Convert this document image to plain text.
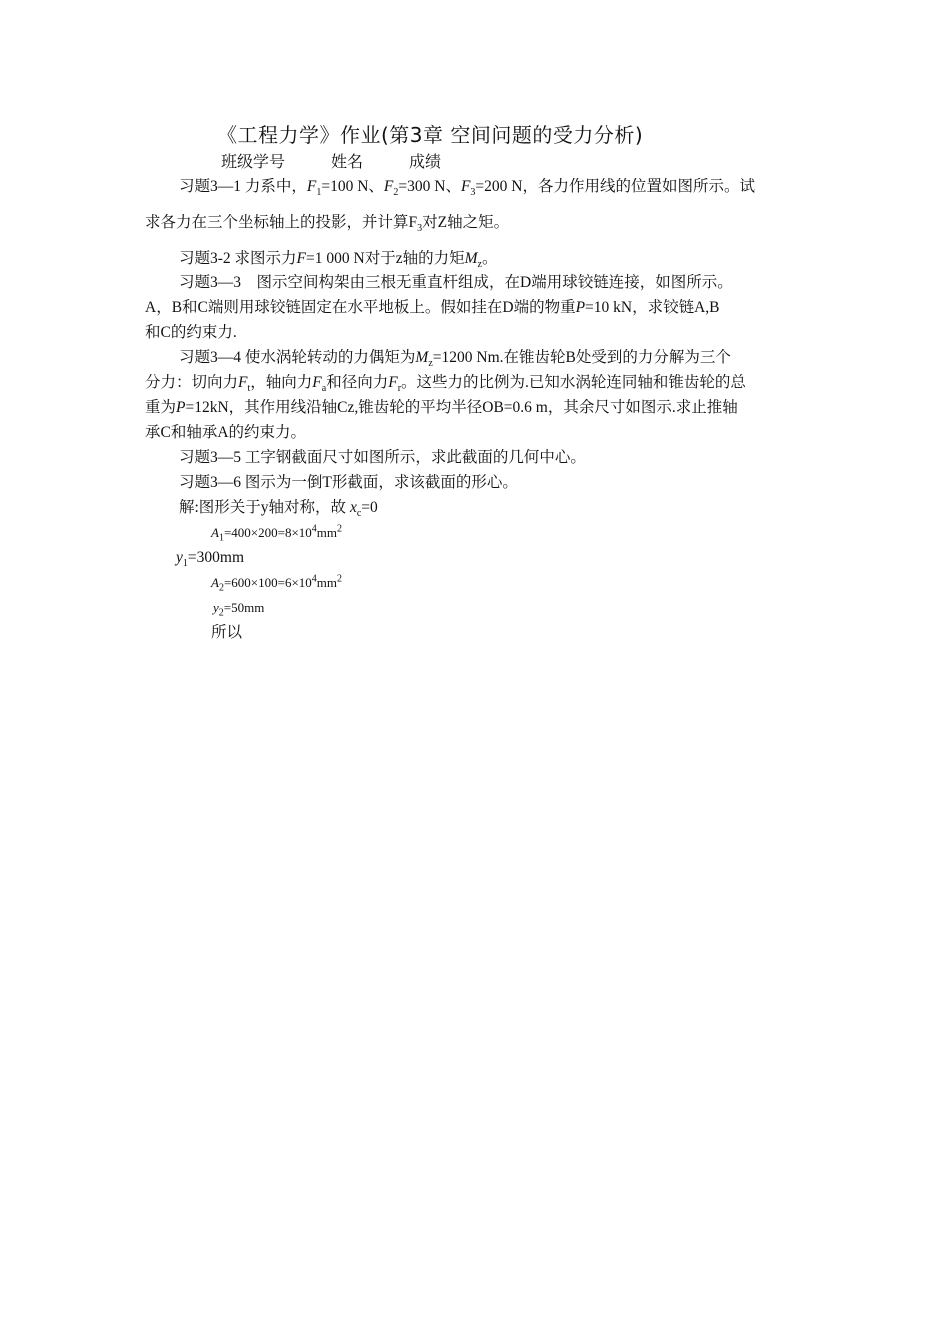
《工程力学》作业(第3章 空间问题的受力分析)
班级学号	姓名	成绩
习题3—1 力系中，$F_1=100$ N、$F_2=300$ N、$F_3=200$ N，各力作用线的位置如图所示。试
求各力在三个坐标轴上的投影，并计算$F_3$对Z轴之矩。
习题3-2 求图示力F=1 000 N对于z轴的力矩$M_z$。
习题3—3　图示空间构架由三根无重直杆组成，在D端用球铰链连接，如图所示。
A，B和C端则用球铰链固定在水平地板上。假如挂在D端的物重P=10 kN，求铰链A,B
和C的约束力.
习题3—4 使水涡轮转动的力偶矩为$M_z=1200$ Nm.在锥齿轮B处受到的力分解为三个
分力：切向力$F_t$，轴向力$F_a$和径向力$F_r$。这些力的比例为.已知水涡轮连同轴和锥齿轮的总
重为P=12kN，其作用线沿轴Cz,锥齿轮的平均半径OB=0.6 m，其余尺寸如图示.求止推轴
承C和轴承A的约束力。
习题3—5 工字钢截面尺寸如图所示，求此截面的几何中心。
习题3—6 图示为一倒T形截面，求该截面的形心。
解:图形关于y轴对称，故 $x_c=0$
$A_1=400\times 200=8\times 10^4mm^2$
$y_1=300mm$
$A_2=600\times 100=6\times 10^4mm^2$
$y_2=50mm$
所以
